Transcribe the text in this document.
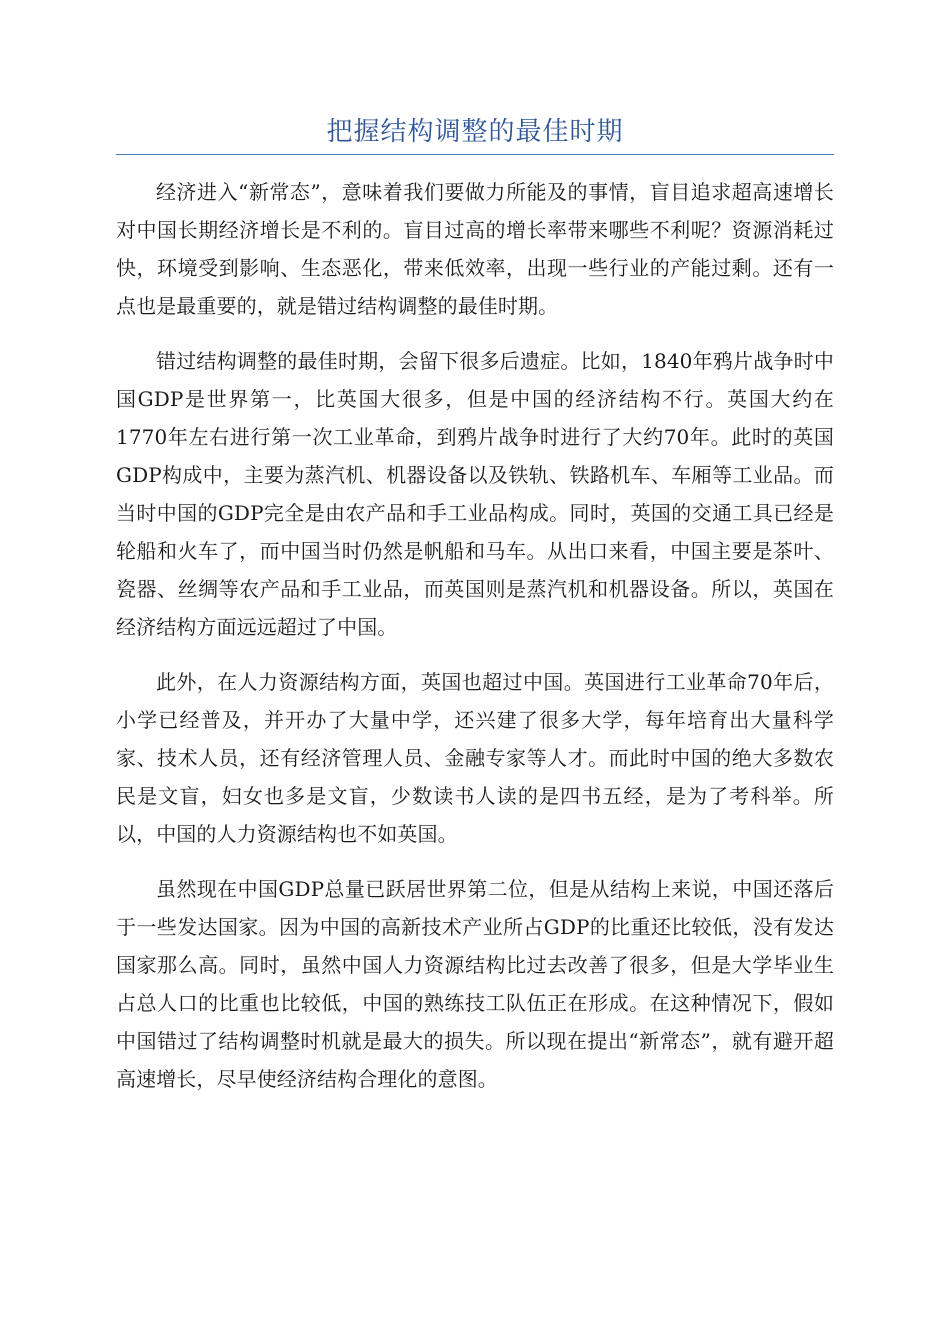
把握结构调整的最佳时期

经济进入“新常态”，意味着我们要做力所能及的事情，盲目追求超高速增长对中国长期经济增长是不利的。盲目过高的增长率带来哪些不利呢？资源消耗过快，环境受到影响、生态恶化，带来低效率，出现一些行业的产能过剩。还有一点也是最重要的，就是错过结构调整的最佳时期。

错过结构调整的最佳时期，会留下很多后遗症。比如，1840年鸦片战争时中国GDP是世界第一，比英国大很多，但是中国的经济结构不行。英国大约在1770年左右进行第一次工业革命，到鸦片战争时进行了大约70年。此时的英国GDP构成中，主要为蒸汽机、机器设备以及铁轨、铁路机车、车厢等工业品。而当时中国的GDP完全是由农产品和手工业品构成。同时，英国的交通工具已经是轮船和火车了，而中国当时仍然是帆船和马车。从出口来看，中国主要是茶叶、瓷器、丝绸等农产品和手工业品，而英国则是蒸汽机和机器设备。所以，英国在经济结构方面远远超过了中国。

此外，在人力资源结构方面，英国也超过中国。英国进行工业革命70年后，小学已经普及，并开办了大量中学，还兴建了很多大学，每年培育出大量科学家、技术人员，还有经济管理人员、金融专家等人才。而此时中国的绝大多数农民是文盲，妇女也多是文盲，少数读书人读的是四书五经，是为了考科举。所以，中国的人力资源结构也不如英国。

虽然现在中国GDP总量已跃居世界第二位，但是从结构上来说，中国还落后于一些发达国家。因为中国的高新技术产业所占GDP的比重还比较低，没有发达国家那么高。同时，虽然中国人力资源结构比过去改善了很多，但是大学毕业生占总人口的比重也比较低，中国的熟练技工队伍正在形成。在这种情况下，假如中国错过了结构调整时机就是最大的损失。所以现在提出“新常态”，就有避开超高速增长，尽早使经济结构合理化的意图。
